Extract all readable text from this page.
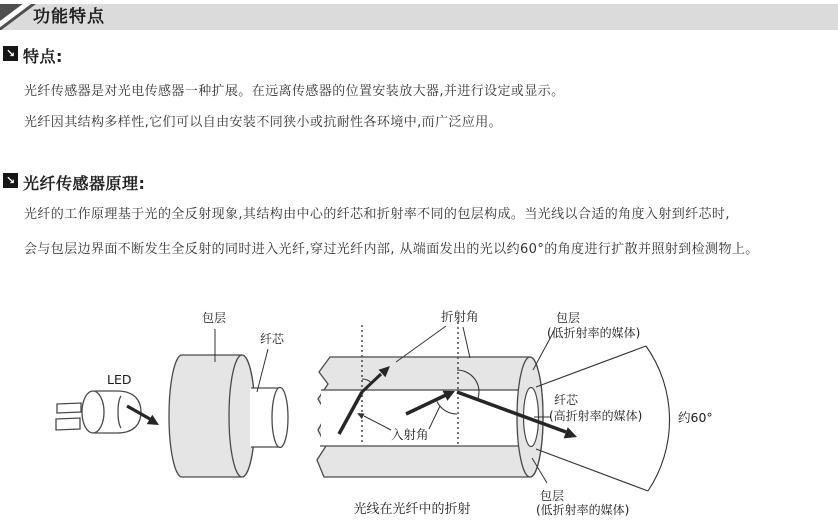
功能特点
↘ 特点:
光纤传感器是对光电传感器一种扩展。在远离传感器的位置安装放大器,并进行设定或显示。
光纤因其结构多样性,它们可以自由安装不同狭小或抗耐性各环境中,而广泛应用。
↘ 光纤传感器原理:
光纤的工作原理基于光的全反射现象,其结构由中心的纤芯和折射率不同的包层构成。当光线以合适的角度入射到纤芯时,
会与包层边界面不断发生全反射的同时进入光纤,穿过光纤内部, 从端面发出的光以约60°的角度进行扩散并照射到检测物上。
LED
包层
纤芯
折射角
入射角
光线在光纤中的折射
约60°
包层
(低折射率的媒体)
纤芯
(高折射率的媒体)
包层
(低折射率的媒体)
